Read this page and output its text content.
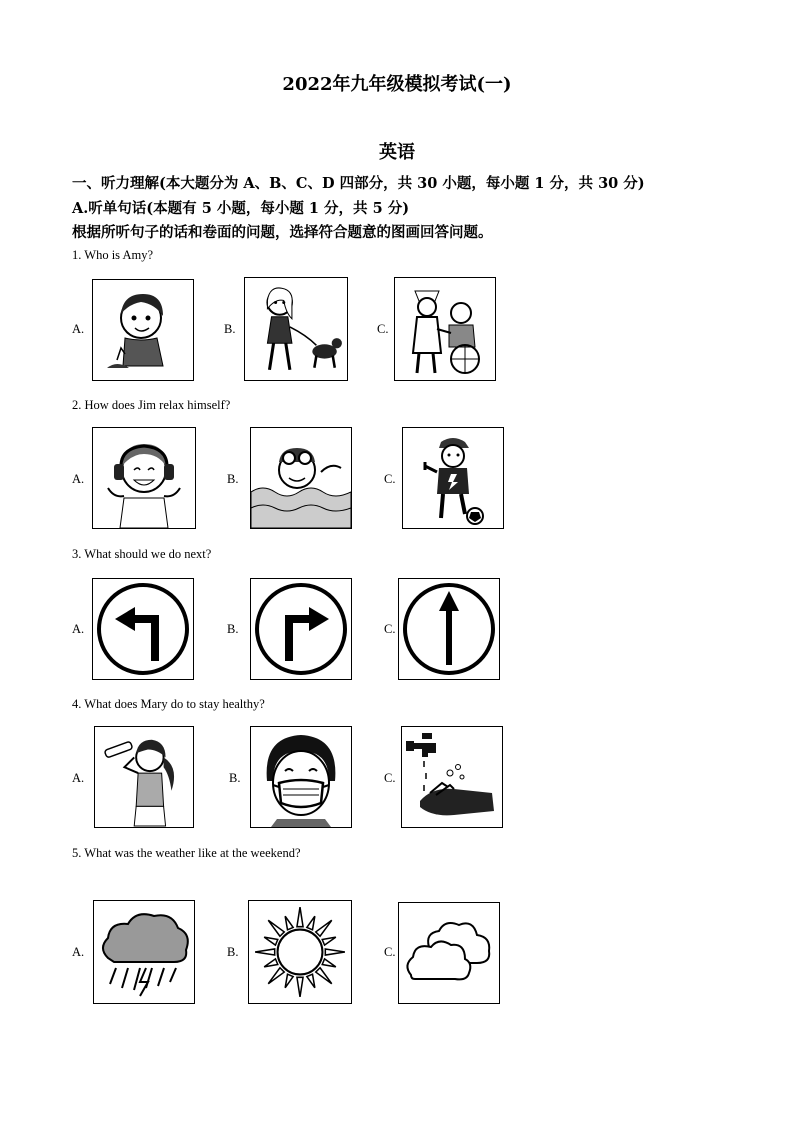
2022年九年级模拟考试(一)
英语
一、听力理解(本大题分为 A、B、C、D 四部分，共 30 小题，每小题 1 分，共 30 分)
A.听单句话(本题有 5 小题，每小题 1 分，共 5 分)
根据所听句子的话和卷面的问题，选择符合题意的图画回答问题。
1. Who is Amy?
A.	B.	C.
2. How does Jim relax himself?
A.	B.	C.
3. What should we do next?
A.	B.	C.
4. What does Mary do to stay healthy?
A.	B.	C.
5. What was the weather like at the weekend?
A.	B.	C.
